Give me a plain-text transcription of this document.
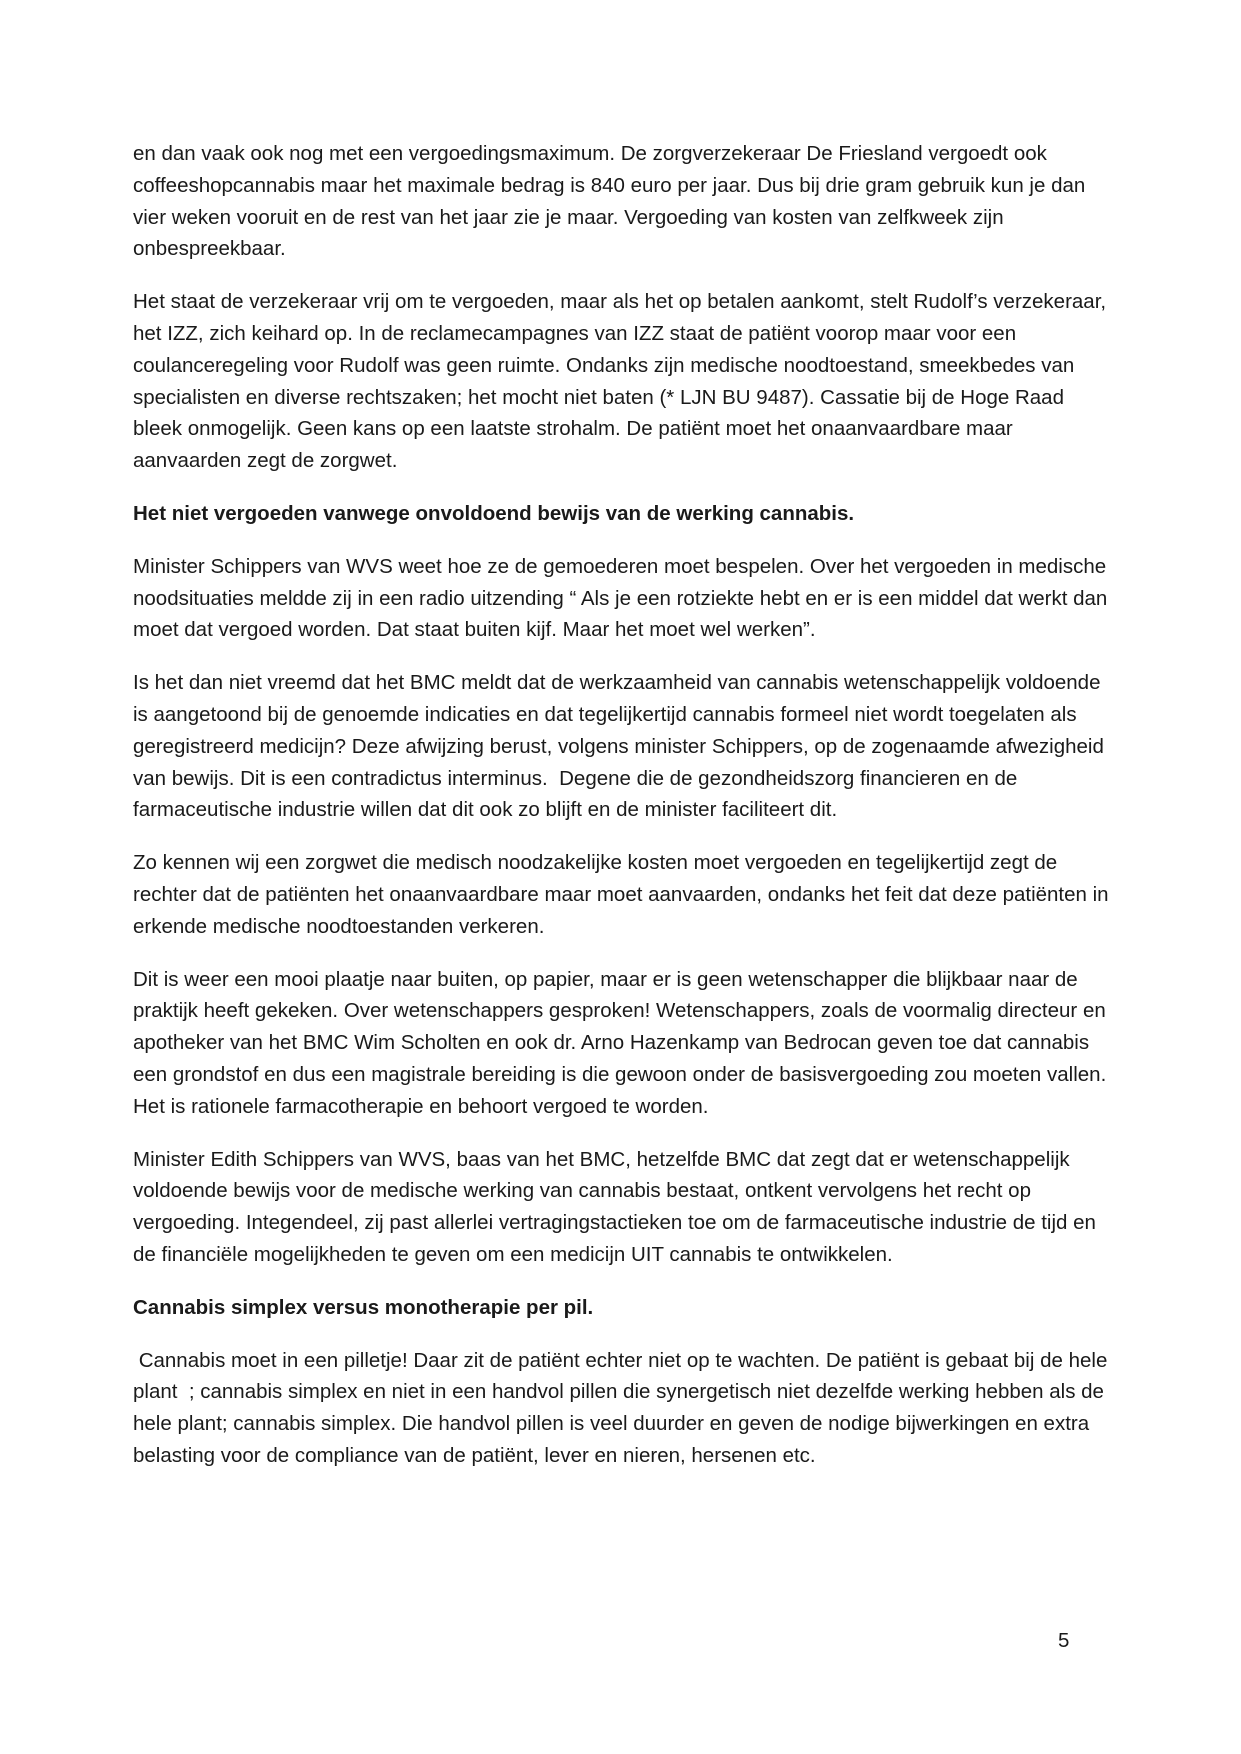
en dan vaak ook nog met een vergoedingsmaximum. De zorgverzekeraar De Friesland vergoedt ook coffeeshopcannabis maar het maximale bedrag is 840 euro per jaar. Dus bij drie gram gebruik kun je dan vier weken vooruit en de rest van het jaar zie je maar. Vergoeding van kosten van zelfkweek zijn onbespreekbaar.

Het staat de verzekeraar vrij om te vergoeden, maar als het op betalen aankomt, stelt Rudolf’s verzekeraar, het IZZ, zich keihard op. In de reclamecampagnes van IZZ staat de patiënt voorop maar voor een coulanceregeling voor Rudolf was geen ruimte. Ondanks zijn medische noodtoestand, smeekbedes van specialisten en diverse rechtszaken; het mocht niet baten (* LJN BU 9487). Cassatie bij de Hoge Raad bleek onmogelijk. Geen kans op een laatste strohalm. De patiënt moet het onaanvaardbare maar aanvaarden zegt de zorgwet.

Het niet vergoeden vanwege onvoldoend bewijs van de werking cannabis.

Minister Schippers van WVS weet hoe ze de gemoederen moet bespelen. Over het vergoeden in medische noodsituaties meldde zij in een radio uitzending “ Als je een rotziekte hebt en er is een middel dat werkt dan moet dat vergoed worden. Dat staat buiten kijf. Maar het moet wel werken”.

Is het dan niet vreemd dat het BMC meldt dat de werkzaamheid van cannabis wetenschappelijk voldoende is aangetoond bij de genoemde indicaties en dat tegelijkertijd cannabis formeel niet wordt toegelaten als geregistreerd medicijn? Deze afwijzing berust, volgens minister Schippers, op de zogenaamde afwezigheid van bewijs. Dit is een contradictus interminus.  Degene die de gezondheidszorg financieren en de farmaceutische industrie willen dat dit ook zo blijft en de minister faciliteert dit.

Zo kennen wij een zorgwet die medisch noodzakelijke kosten moet vergoeden en tegelijkertijd zegt de rechter dat de patiënten het onaanvaardbare maar moet aanvaarden, ondanks het feit dat deze patiënten in erkende medische noodtoestanden verkeren.

Dit is weer een mooi plaatje naar buiten, op papier, maar er is geen wetenschapper die blijkbaar naar de praktijk heeft gekeken. Over wetenschappers gesproken! Wetenschappers, zoals de voormalig directeur en apotheker van het BMC Wim Scholten en ook dr. Arno Hazenkamp van Bedrocan geven toe dat cannabis een grondstof en dus een magistrale bereiding is die gewoon onder de basisvergoeding zou moeten vallen. Het is rationele farmacotherapie en behoort vergoed te worden.

Minister Edith Schippers van WVS, baas van het BMC, hetzelfde BMC dat zegt dat er wetenschappelijk voldoende bewijs voor de medische werking van cannabis bestaat, ontkent vervolgens het recht op vergoeding. Integendeel, zij past allerlei vertragingstactieken toe om de farmaceutische industrie de tijd en de financiële mogelijkheden te geven om een medicijn UIT cannabis te ontwikkelen.

Cannabis simplex versus monotherapie per pil.

Cannabis moet in een pilletje! Daar zit de patiënt echter niet op te wachten. De patiënt is gebaat bij de hele plant  ; cannabis simplex en niet in een handvol pillen die synergetisch niet dezelfde werking hebben als de hele plant; cannabis simplex. Die handvol pillen is veel duurder en geven de nodige bijwerkingen en extra belasting voor de compliance van de patiënt, lever en nieren, hersenen etc.

5
